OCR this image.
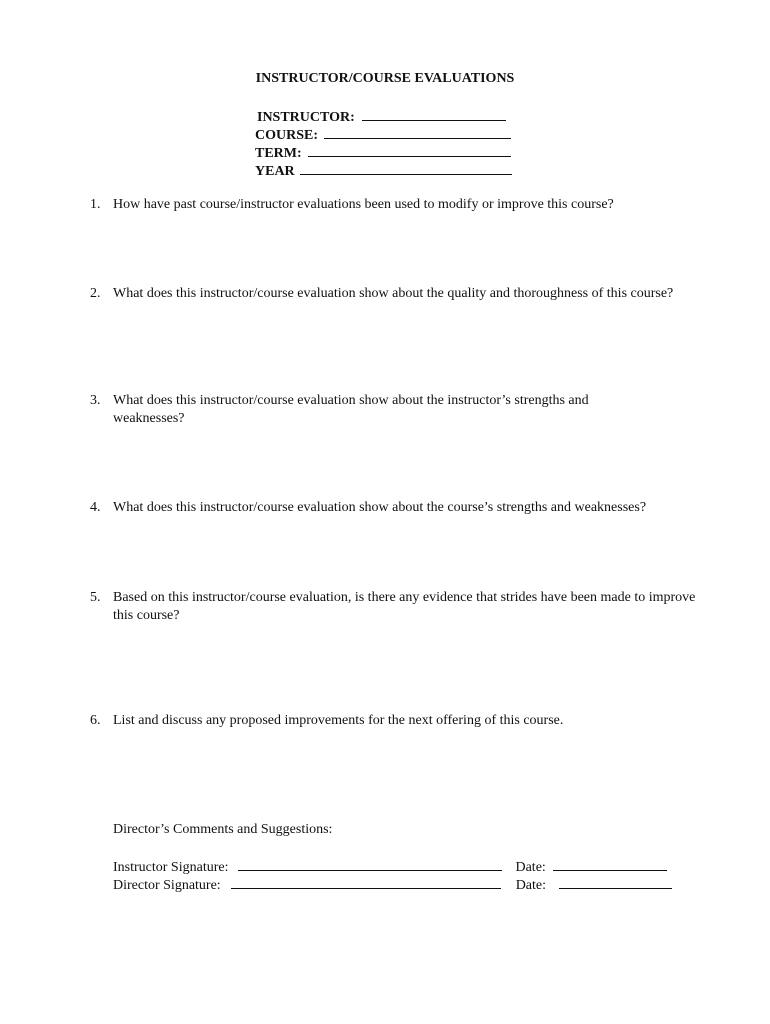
INSTRUCTOR/COURSE EVALUATIONS
INSTRUCTOR:
COURSE:
TERM:
YEAR
1. How have past course/instructor evaluations been used to modify or improve this course?
2. What does this instructor/course evaluation show about the quality and thoroughness of this course?
3. What does this instructor/course evaluation show about the instructor’s strengths and weaknesses?
4. What does this instructor/course evaluation show about the course’s strengths and weaknesses?
5. Based on this instructor/course evaluation, is there any evidence that strides have been made to improve this course?
6. List and discuss any proposed improvements for the next offering of this course.
Director’s Comments and Suggestions:
Instructor Signature:	Date:
Director Signature:	Date:
